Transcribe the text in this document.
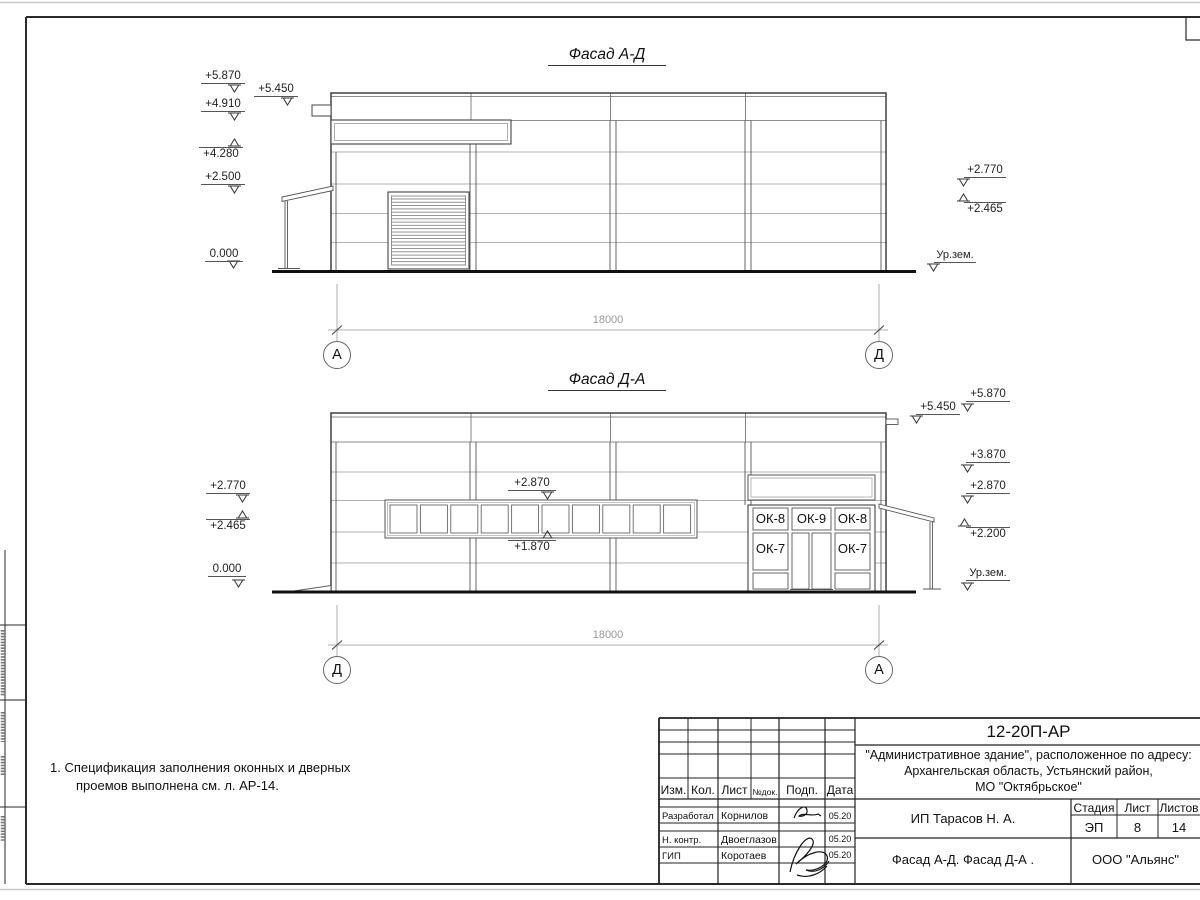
Фасад А-Д
Фасад Д-А
+5.870
+5.450
+4.910
+4.280
+2.500
0.000
+2.770
+2.465
Ур.зем.
+2.770
+2.465
0.000
+2.870
+1.870
+5.870
+5.450
+3.870
+2.870
+2.200
Ур.зем.
ОК-8 ОК-9 ОК-8
ОК-7	ОК-7
А	Д
Д	А
18000
18000
1. Спецификация заполнения оконных и дверных
проемов выполнена см. л. АР-14.
12-20П-АР
"Административное здание", расположенное по адресу:
Архангельская область, Устьянский район,
МО "Октябрьское"
Изм. Кол. Лист №док. Подп. Дата
Разработал Корнилов	05.20
Н. контр. Двоеглазов	05.20
ГИП	Коротаев	05.20
ИП Тарасов Н. А.
Стадия Лист Листов
ЭП	8	14
Фасад А-Д. Фасад Д-А .	ООО "Альянс"
